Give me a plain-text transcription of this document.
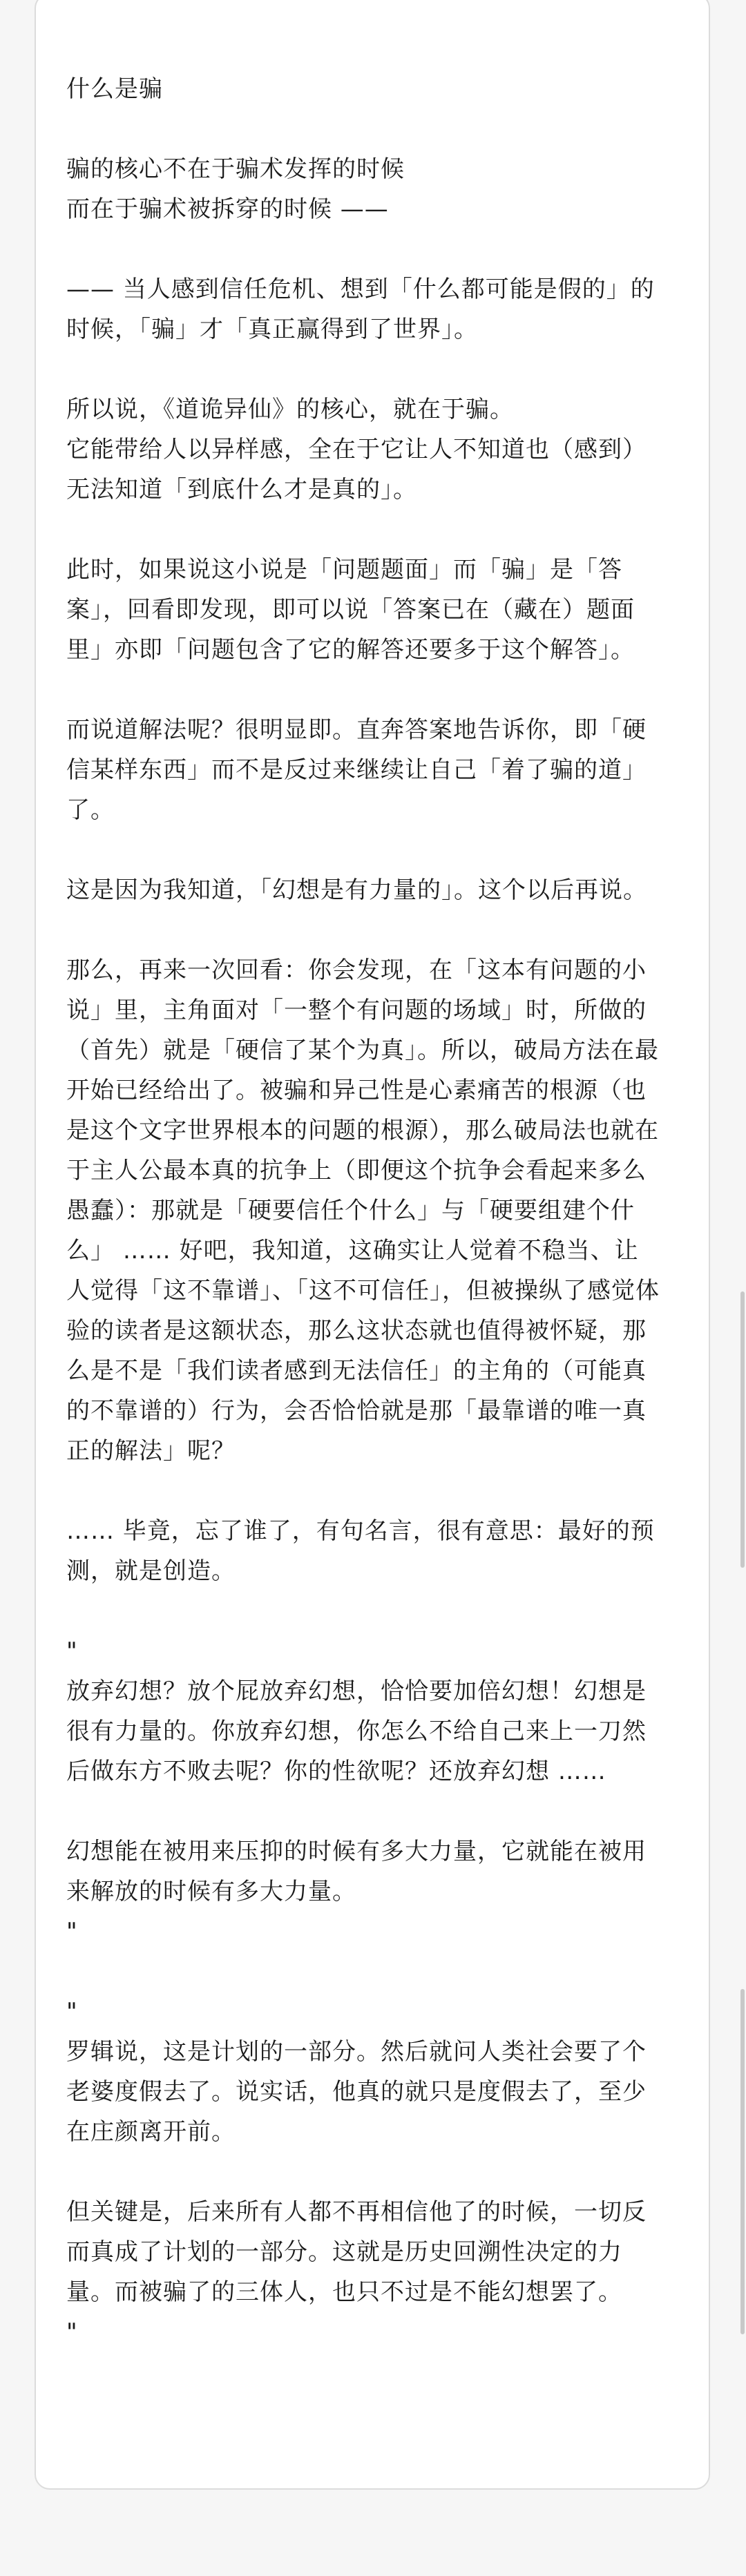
什么是骗

骗的核心不在于骗术发挥的时候
而在于骗术被拆穿的时候 ——

—— 当人感到信任危机、想到「什么都可能是假的」的时候，「骗」才「真正赢得到了世界」。

所以说，《道诡异仙》的核心，就在于骗。
它能带给人以异样感，全在于它让人不知道也（感到）无法知道「到底什么才是真的」。

此时，如果说这小说是「问题题面」而「骗」是「答案」，回看即发现，即可以说「答案已在（藏在）题面里」亦即「问题包含了它的解答还要多于这个解答」。

而说道解法呢？很明显即。直奔答案地告诉你，即「硬信某样东西」而不是反过来继续让自己「着了骗的道」了。

这是因为我知道，「幻想是有力量的」。这个以后再说。

那么，再来一次回看：你会发现，在「这本有问题的小说」里，主角面对「一整个有问题的场域」时，所做的（首先）就是「硬信了某个为真」。所以，破局方法在最开始已经给出了。被骗和异己性是心素痛苦的根源（也是这个文字世界根本的问题的根源），那么破局法也就在于主人公最本真的抗争上（即便这个抗争会看起来多么愚蠢）：那就是「硬要信任个什么」与「硬要组建个什么」 …… 好吧，我知道，这确实让人觉着不稳当、让人觉得「这不靠谱」、「这不可信任」，但被操纵了感觉体验的读者是这额状态，那么这状态就也值得被怀疑，那么是不是「我们读者感到无法信任」的主角的（可能真的不靠谱的）行为，会否恰恰就是那「最靠谱的唯一真正的解法」呢？

…… 毕竟，忘了谁了，有句名言，很有意思：最好的预测，就是创造。

"

放弃幻想？放个屁放弃幻想，恰恰要加倍幻想！幻想是很有力量的。你放弃幻想，你怎么不给自己来上一刀然后做东方不败去呢？你的性欲呢？还放弃幻想 ……

幻想能在被用来压抑的时候有多大力量，它就能在被用来解放的时候有多大力量。

"

"

罗辑说，这是计划的一部分。然后就问人类社会要了个老婆度假去了。说实话，他真的就只是度假去了，至少在庄颜离开前。

但关键是，后来所有人都不再相信他了的时候，一切反而真成了计划的一部分。这就是历史回溯性决定的力量。而被骗了的三体人，也只不过是不能幻想罢了。

"
